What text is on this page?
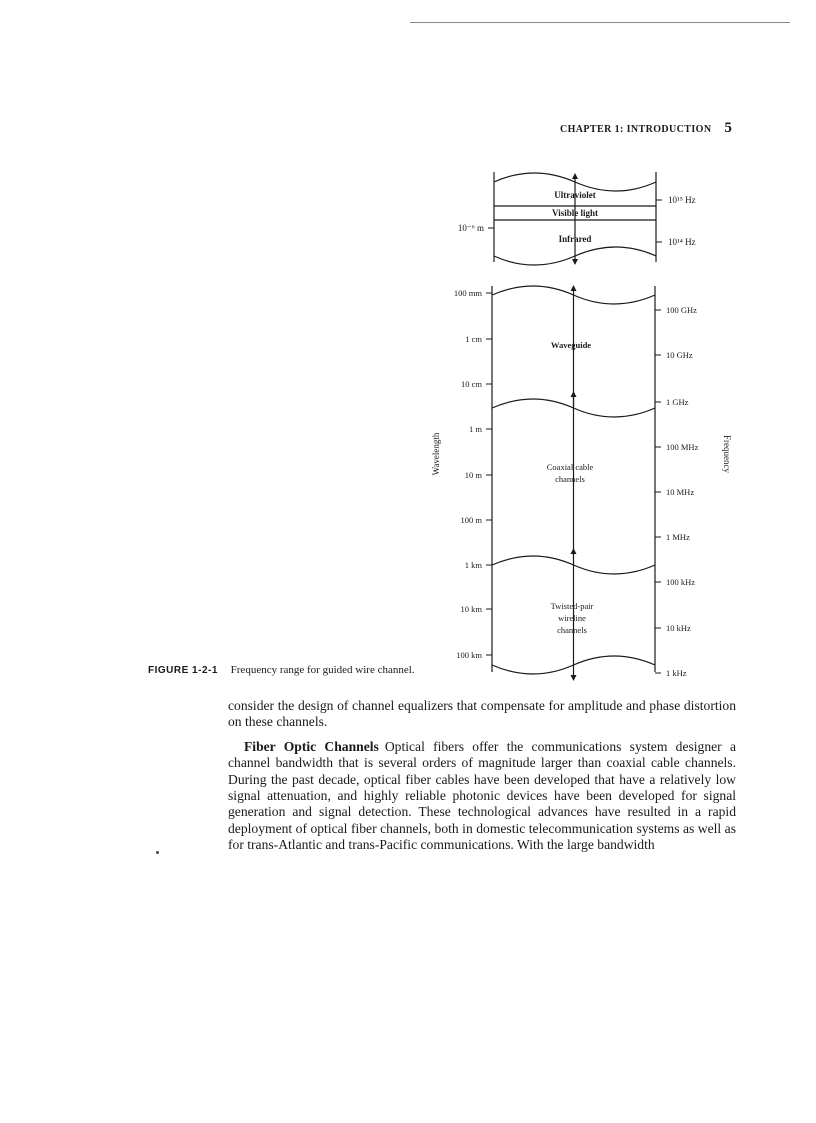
CHAPTER 1: INTRODUCTION 5
Ultraviolet
Visible light
Infrared
10⁻⁶ m
10¹⁵ Hz
10¹⁴ Hz
Waveguide
Coaxial cable
channels
Twisted-pair
wireline
channels
100 mm
1 cm
10 cm
1 m
10 m
100 m
1 km
10 km
100 km
100 GHz
10 GHz
1 GHz
100 MHz
10 MHz
1 MHz
100 kHz
10 kHz
1 kHz
Wavelength	Frequency
FIGURE 1-2-1 Frequency range for guided wire channel.

consider the design of channel equalizers that compensate for amplitude and phase distortion on these channels.

Fiber Optic Channels Optical fibers offer the communications system designer a channel bandwidth that is several orders of magnitude larger than coaxial cable channels. During the past decade, optical fiber cables have been developed that have a relatively low signal attenuation, and highly reliable photonic devices have been developed for signal generation and signal detection. These technological advances have resulted in a rapid deployment of optical fiber channels, both in domestic telecommunication systems as well as for trans-Atlantic and trans-Pacific communications. With the large bandwidth
